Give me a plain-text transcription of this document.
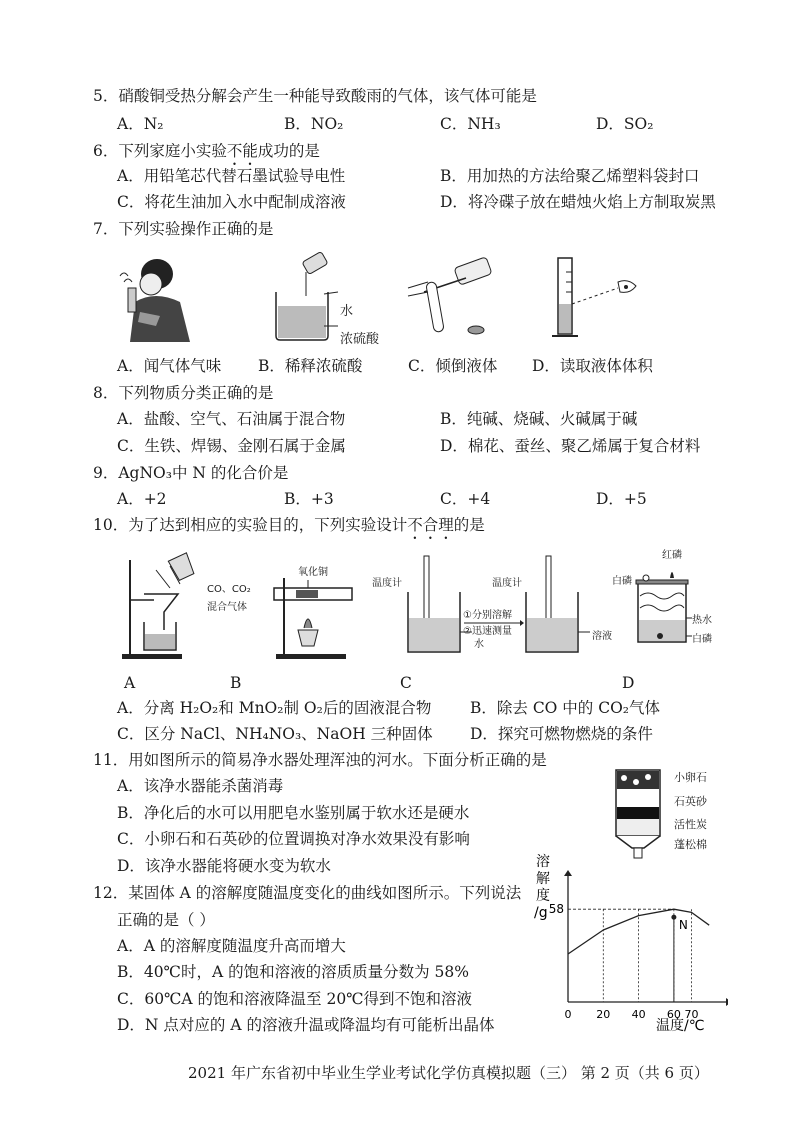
5．硝酸铜受热分解会产生一种能导致酸雨的气体，该气体可能是
A．N₂	B．NO₂	C．NH₃	D．SO₂
6．下列家庭小实验不能成功的是
A．用铅笔芯代替石墨试验导电性	B．用加热的方法给聚乙烯塑料袋封口
C．将花生油加入水中配制成溶液	D．将冷碟子放在蜡烛火焰上方制取炭黑
7．下列实验操作正确的是
水
浓硫酸
A．闻气体气味 B．稀释浓硫酸	C．倾倒液体 D．读取液体体积
8．下列物质分类正确的是
A．盐酸、空气、石油属于混合物	B．纯碱、烧碱、火碱属于碱
C．生铁、焊锡、金刚石属于金属	D．棉花、蚕丝、聚乙烯属于复合材料
9．AgNO₃中 N 的化合价是
A．+2	B．+3	C．+4	D．+5
10．为了达到相应的实验目的，下列实验设计不合理的是
CO、CO₂
混合气体
氧化铜
温度计
水
①分别溶解
②迅速测量
温度计
溶液
红磷
白磷
热水
白磷
A	B	C	D
A．分离 H₂O₂和 MnO₂制 O₂后的固液混合物 B．除去 CO 中的 CO₂气体
C．区分 NaCl、NH₄NO₃、NaOH 三种固体 D．探究可燃物燃烧的条件
11．用如图所示的简易净水器处理浑浊的河水。下面分析正确的是
A．该净水器能杀菌消毒
B．净化后的水可以用肥皂水鉴别属于软水还是硬水
C．小卵石和石英砂的位置调换对净水效果没有影响
D．该净水器能将硬水变为软水
小卵石
石英砂
活性炭
蓬松棉
12．某固体 A 的溶解度随温度变化的曲线如图所示。下列说法
正确的是（ ）
A．A 的溶解度随温度升高而增大
B．40℃时，A 的饱和溶液的溶质质量分数为 58%
C．60℃A 的饱和溶液降温至 20℃得到不饱和溶液
D．N 点对应的 A 的溶液升温或降温均有可能析出晶体
0 20 40 60 70
58
N
溶解度/g
温度/℃
2021 年广东省初中毕业生学业考试化学仿真模拟题（三） 第 2 页（共 6 页）
